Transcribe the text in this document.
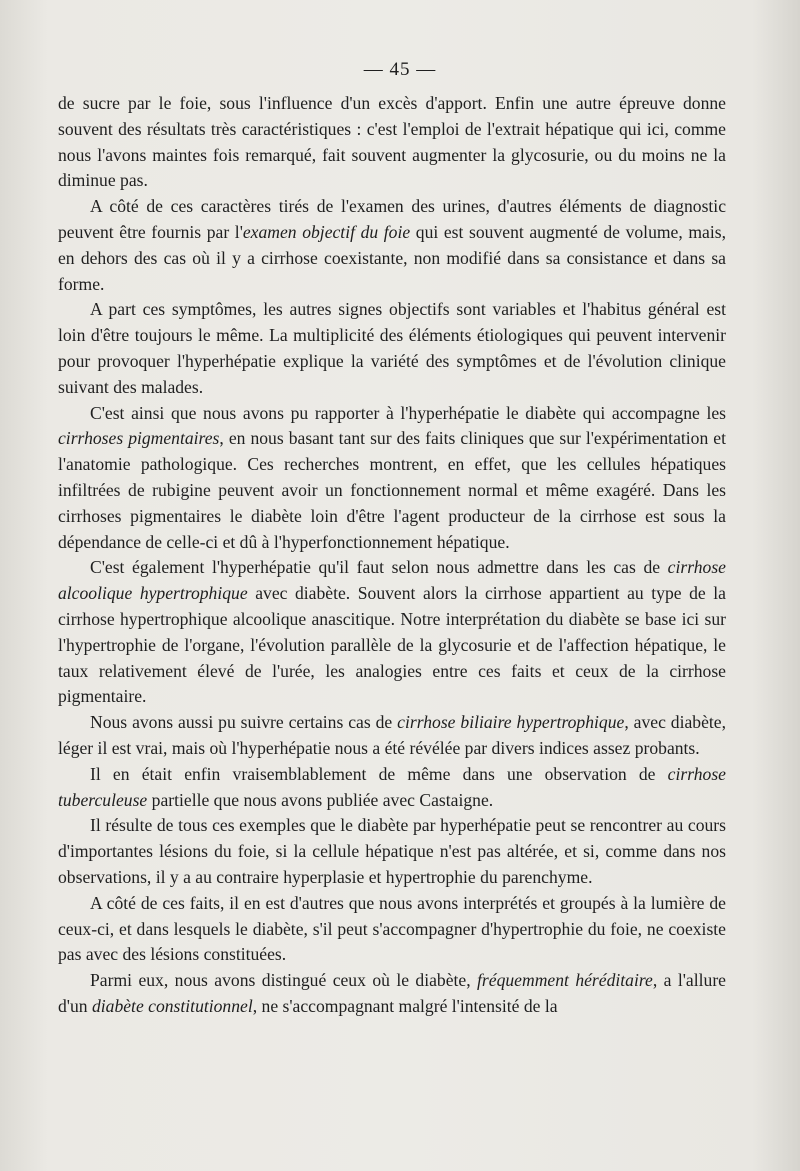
— 45 —

de sucre par le foie, sous l'influence d'un excès d'apport. Enfin une autre épreuve donne souvent des résultats très caractéristiques : c'est l'emploi de l'extrait hépatique qui ici, comme nous l'avons maintes fois remarqué, fait souvent augmenter la glycosurie, ou du moins ne la diminue pas.

A côté de ces caractères tirés de l'examen des urines, d'autres éléments de diagnostic peuvent être fournis par l'examen objectif du foie qui est souvent augmenté de volume, mais, en dehors des cas où il y a cirrhose coexistante, non modifié dans sa consistance et dans sa forme.

A part ces symptômes, les autres signes objectifs sont variables et l'habitus général est loin d'être toujours le même. La multiplicité des éléments étiologiques qui peuvent intervenir pour provoquer l'hyperhépatie explique la variété des symptômes et de l'évolution clinique suivant des malades.

C'est ainsi que nous avons pu rapporter à l'hyperhépatie le diabète qui accompagne les cirrhoses pigmentaires, en nous basant tant sur des faits cliniques que sur l'expérimentation et l'anatomie pathologique. Ces recherches montrent, en effet, que les cellules hépatiques infiltrées de rubigine peuvent avoir un fonctionnement normal et même exagéré. Dans les cirrhoses pigmentaires le diabète loin d'être l'agent producteur de la cirrhose est sous la dépendance de celle-ci et dû à l'hyperfonctionnement hépatique.

C'est également l'hyperhépatie qu'il faut selon nous admettre dans les cas de cirrhose alcoolique hypertrophique avec diabète. Souvent alors la cirrhose appartient au type de la cirrhose hypertrophique alcoolique anascitique. Notre interprétation du diabète se base ici sur l'hypertrophie de l'organe, l'évolution parallèle de la glycosurie et de l'affection hépatique, le taux relativement élevé de l'urée, les analogies entre ces faits et ceux de la cirrhose pigmentaire.

Nous avons aussi pu suivre certains cas de cirrhose biliaire hypertrophique, avec diabète, léger il est vrai, mais où l'hyperhépatie nous a été révélée par divers indices assez probants.

Il en était enfin vraisemblablement de même dans une observation de cirrhose tuberculeuse partielle que nous avons publiée avec Castaigne.

Il résulte de tous ces exemples que le diabète par hyperhépatie peut se rencontrer au cours d'importantes lésions du foie, si la cellule hépatique n'est pas altérée, et si, comme dans nos observations, il y a au contraire hyperplasie et hypertrophie du parenchyme.

A côté de ces faits, il en est d'autres que nous avons interprétés et groupés à la lumière de ceux-ci, et dans lesquels le diabète, s'il peut s'accompagner d'hypertrophie du foie, ne coexiste pas avec des lésions constituées.

Parmi eux, nous avons distingué ceux où le diabète, fréquemment héréditaire, a l'allure d'un diabète constitutionnel, ne s'accompagnant malgré l'intensité de la
